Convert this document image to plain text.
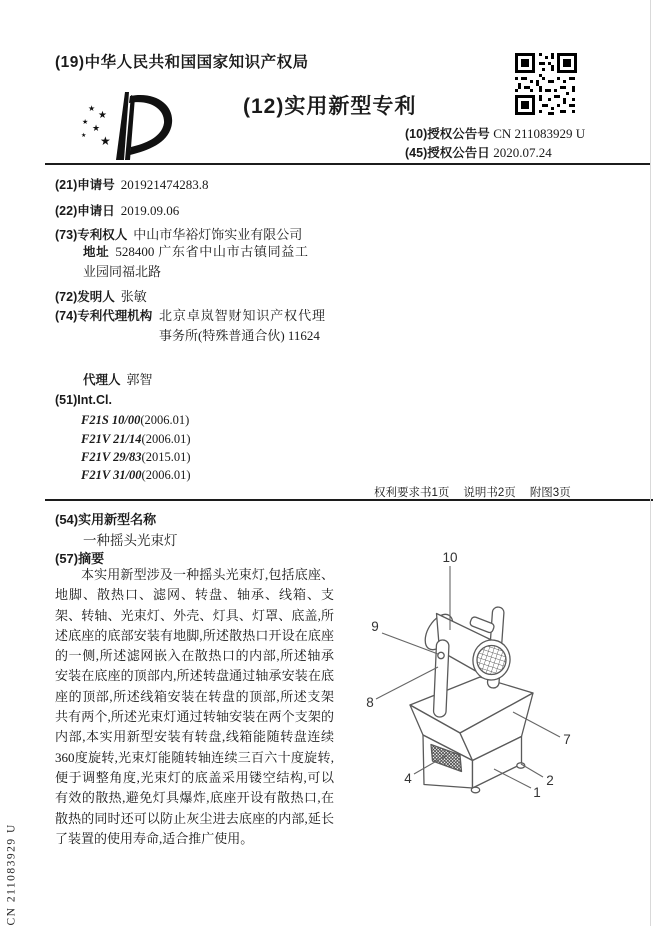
(19)中华人民共和国国家知识产权局
★
★
★
★
★ ★
(12)实用新型专利
(10)授权公告号 CN 211083929 U
(45)授权公告日 2020.07.24
(21)申请号 201921474283.8
(22)申请日 2019.09.06
(73)专利权人 中山市华裕灯饰实业有限公司
地址 528400 广东省中山市古镇同益工业园同福北路
(72)发明人 张敏
(74)专利代理机构 北京卓岚智财知识产权代理事务所(特殊普通合伙) 11624
代理人 郭智
(51)Int.Cl.
F21S 10/00(2006.01)
F21V 21/14(2006.01)
F21V 29/83(2015.01)
F21V 31/00(2006.01)
权利要求书1页 说明书2页 附图3页
(54)实用新型名称
一种摇头光束灯
(57)摘要
本实用新型涉及一种摇头光束灯,包括底座、地脚、散热口、滤网、转盘、轴承、线箱、支架、转轴、光束灯、外壳、灯具、灯罩、底盖,所述底座的底部安装有地脚,所述散热口开设在底座的一侧,所述滤网嵌入在散热口的内部,所述轴承安装在底座的顶部内,所述转盘通过轴承安装在底座的顶部,所述线箱安装在转盘的顶部,所述支架共有两个,所述光束灯通过转轴安装在两个支架的内部,本实用新型安装有转盘,线箱能随转盘连续360度旋转,光束灯能随转轴连续三百六十度旋转,便于调整角度,光束灯的底盖采用镂空结构,可以有效的散热,避免灯具爆炸,底座开设有散热口,在散热的同时还可以防止灰尘进去底座的内部,延长了装置的使用寿命,适合推广使用。
10
9
8
7
4	2
1
CN 211083929 U
